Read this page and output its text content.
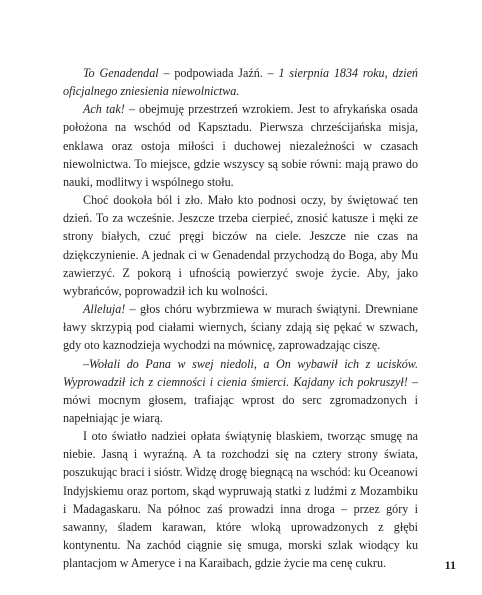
To Genadendal – podpowiada Jaźń. – 1 sierpnia 1834 roku, dzień oficjalnego zniesienia niewolnictwa.

Ach tak! – obejmuję przestrzeń wzrokiem. Jest to afrykańska osada położona na wschód od Kapsztadu. Pierwsza chrześcijańska misja, enklawa oraz ostoja miłości i duchowej niezależności w czasach niewolnictwa. To miejsce, gdzie wszyscy są sobie równi: mają prawo do nauki, modlitwy i wspólnego stołu.

Choć dookoła ból i zło. Mało kto podnosi oczy, by świętować ten dzień. To za wcześnie. Jeszcze trzeba cierpieć, znosić katusze i męki ze strony białych, czuć pręgi biczów na ciele. Jeszcze nie czas na dziękczynienie. A jednak ci w Genadendal przychodzą do Boga, aby Mu zawierzyć. Z pokorą i ufnością powierzyć swoje życie. Aby, jako wybrańców, poprowadził ich ku wolności.

Alleluja! – głos chóru wybrzmiewa w murach świątyni. Drewniane ławy skrzypią pod ciałami wiernych, ściany zdają się pękać w szwach, gdy oto kaznodzieja wychodzi na mównicę, zaprowadzając ciszę.

–Wołali do Pana w swej niedoli, a On wybawił ich z ucisków. Wyprowadził ich z ciemności i cienia śmierci. Kajdany ich pokruszył! – mówi mocnym głosem, trafiając wprost do serc zgromadzonych i napełniając je wiarą.

I oto światło nadziei opłata świątynię blaskiem, tworząc smugę na niebie. Jasną i wyraźną. A ta rozchodzi się na cztery strony świata, poszukując braci i sióstr. Widzę drogę biegnącą na wschód: ku Oceanowi Indyjskiemu oraz portom, skąd wypruwają statki z ludźmi z Mozambiku i Madagaskaru. Na północ zaś prowadzi inna droga – przez góry i sawanny, śladem karawan, które wloką uprowadzonych z głębi kontynentu. Na zachód ciągnie się smuga, morski szlak wiodący ku plantacjom w Ameryce i na Karaibach, gdzie życie ma cenę cukru.	11
